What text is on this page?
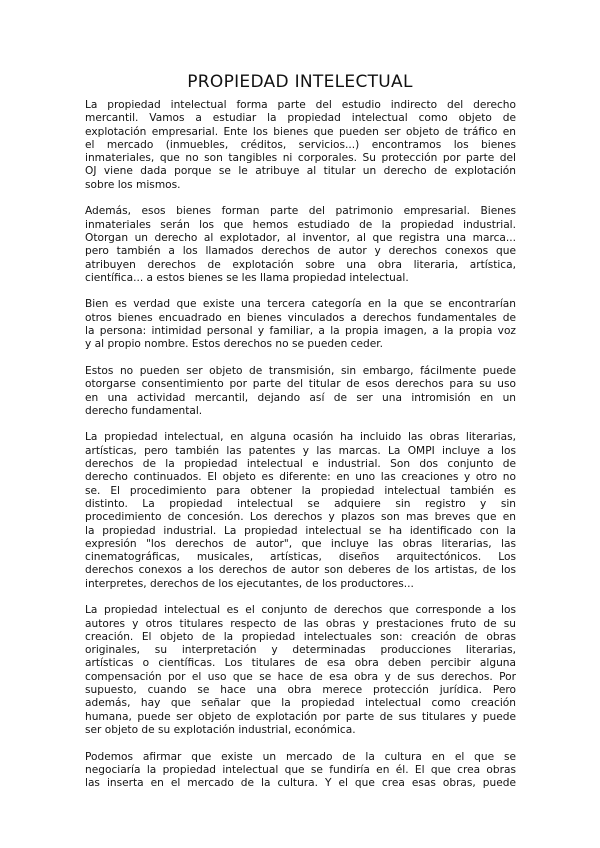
PROPIEDAD INTELECTUAL
La propiedad intelectual forma parte del estudio indirecto del derecho
mercantil. Vamos a estudiar la propiedad intelectual como objeto de
explotación empresarial. Ente los bienes que pueden ser objeto de tráfico en
el mercado (inmuebles, créditos, servicios...) encontramos los bienes
inmateriales, que no son tangibles ni corporales. Su protección por parte del
OJ viene dada porque se le atribuye al titular un derecho de explotación
sobre los mismos.
Además, esos bienes forman parte del patrimonio empresarial. Bienes
inmateriales serán los que hemos estudiado de la propiedad industrial.
Otorgan un derecho al explotador, al inventor, al que registra una marca...
pero también a los llamados derechos de autor y derechos conexos que
atribuyen derechos de explotación sobre una obra literaria, artística,
científica... a estos bienes se les llama propiedad intelectual.
Bien es verdad que existe una tercera categoría en la que se encontrarían
otros bienes encuadrado en bienes vinculados a derechos fundamentales de
la persona: intimidad personal y familiar, a la propia imagen, a la propia voz
y al propio nombre. Estos derechos no se pueden ceder.
Estos no pueden ser objeto de transmisión, sin embargo, fácilmente puede
otorgarse consentimiento por parte del titular de esos derechos para su uso
en una actividad mercantil, dejando así de ser una intromisión en un
derecho fundamental.
La propiedad intelectual, en alguna ocasión ha incluido las obras literarias,
artísticas, pero también las patentes y las marcas. La OMPI incluye a los
derechos de la propiedad intelectual e industrial. Son dos conjunto de
derecho continuados. El objeto es diferente: en uno las creaciones y otro no
se. El procedimiento para obtener la propiedad intelectual también es
distinto. La propiedad intelectual se adquiere sin registro y sin
procedimiento de concesión. Los derechos y plazos son mas breves que en
la propiedad industrial. La propiedad intelectual se ha identificado con la
expresión "los derechos de autor", que incluye las obras literarias, las
cinematográficas, musicales, artísticas, diseños arquitectónicos. Los
derechos conexos a los derechos de autor son deberes de los artistas, de los
interpretes, derechos de los ejecutantes, de los productores...
La propiedad intelectual es el conjunto de derechos que corresponde a los
autores y otros titulares respecto de las obras y prestaciones fruto de su
creación. El objeto de la propiedad intelectuales son: creación de obras
originales, su interpretación y determinadas producciones literarias,
artísticas o científicas. Los titulares de esa obra deben percibir alguna
compensación por el uso que se hace de esa obra y de sus derechos. Por
supuesto, cuando se hace una obra merece protección jurídica. Pero
además, hay que señalar que la propiedad intelectual como creación
humana, puede ser objeto de explotación por parte de sus titulares y puede
ser objeto de su explotación industrial, económica.
Podemos afirmar que existe un mercado de la cultura en el que se
negociaría la propiedad intelectual que se fundiría en él. El que crea obras
las inserta en el mercado de la cultura. Y el que crea esas obras, puede
